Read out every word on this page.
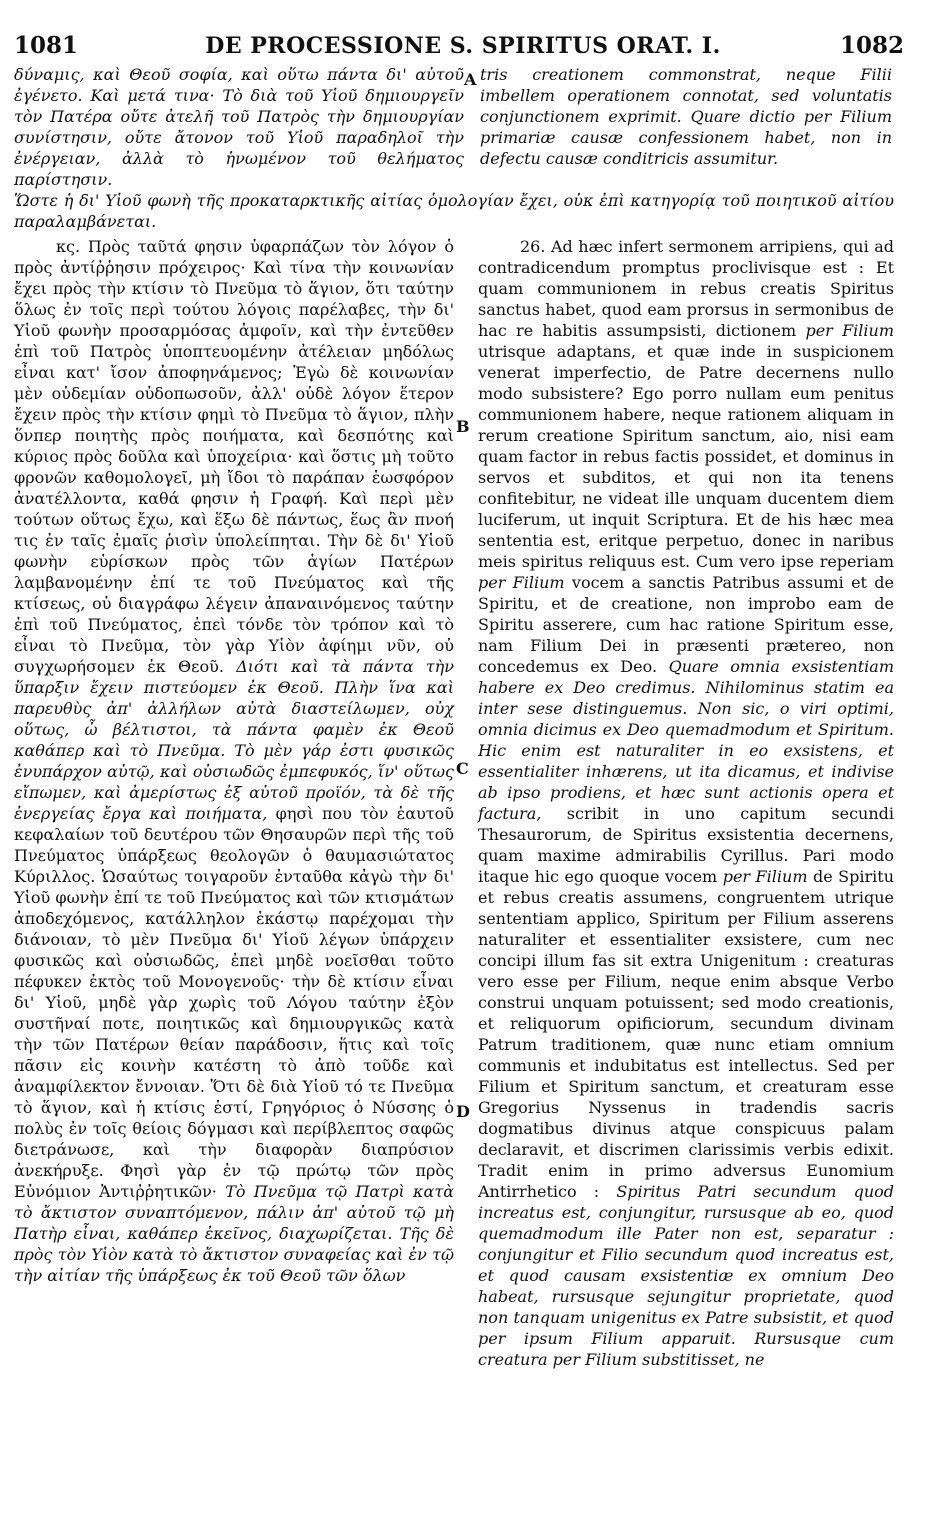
1081	DE PROCESSIONE S. SPIRITUS ORAT. I.	1082
δύναμις, καὶ Θεοῦ σοφία, καὶ οὕτω πάντα δι' αὐτοῦ ἐγένετο. Καὶ μετά τινα· Τὸ διὰ τοῦ Υἱοῦ δημιουργεῖν τὸν Πατέρα οὔτε ἀτελῆ τοῦ Πατρὸς τὴν δημιουργίαν συνίστησιν, οὔτε ἄτονον τοῦ Υἱοῦ παραδηλοῖ τὴν ἐνέργειαν, ἀλλὰ τὸ ἡνωμένον τοῦ θελήματος παρίστησιν.
tris creationem commonstrat, neque Filii imbellem operationem connotat, sed voluntatis conjunctionem exprimit. Quare dictio per Filium primariæ causæ confessionem habet, non in defectu causæ conditricis assumitur.
Ὥστε ἡ δι' Υἱοῦ φωνὴ τῆς προκαταρκτικῆς αἰτίας ὁμολογίαν ἔχει, οὐκ ἐπὶ κατηγορίᾳ τοῦ ποιητικοῦ αἰτίου παραλαμβάνεται.

κς. Πρὸς ταῦτά φησιν ὑφαρπάζων τὸν λόγον ὁ πρὸς ἀντίῤῥησιν πρόχειρος· Καὶ τίνα τὴν κοινωνίαν ἔχει πρὸς τὴν κτίσιν τὸ Πνεῦμα τὸ ἅγιον, ὅτι ταύτην ὅλως ἐν τοῖς περὶ τούτου λόγοις παρέλαβες, τὴν δι' Υἱοῦ φωνὴν προσαρμόσας ἀμφοῖν, καὶ τὴν ἐντεῦθεν ἐπὶ τοῦ Πατρὸς ὑποπτευομένην ἀτέλειαν μηδόλως εἶναι κατ' ἴσον ἀποφηνάμενος; Ἐγὼ δὲ κοινωνίαν μὲν οὐδεμίαν οὐδοπωσοῦν, ἀλλ' οὐδὲ λόγον ἕτερον ἔχειν πρὸς τὴν κτίσιν φημὶ τὸ Πνεῦμα τὸ ἅγιον, πλὴν ὅνπερ ποιητὴς πρὸς ποιήματα, καὶ δεσπότης καὶ κύριος πρὸς δοῦλα καὶ ὑποχείρια· καὶ ὅστις μὴ τοῦτο φρονῶν καθομολογεῖ, μὴ ἴδοι τὸ παράπαν ἑωσφόρον ἀνατέλλοντα, καθά φησιν ἡ Γραφή. Καὶ περὶ μὲν τούτων οὕτως ἔχω, καὶ ἕξω δὲ πάντως, ἕως ἂν πνοή τις ἐν ταῖς ἐμαῖς ῥισὶν ὑπολείπηται. Τὴν δὲ δι' Υἱοῦ φωνὴν εὑρίσκων πρὸς τῶν ἁγίων Πατέρων λαμβανομένην ἐπί τε τοῦ Πνεύματος καὶ τῆς κτίσεως, οὐ διαγράφω λέγειν ἀπαναινόμενος ταύτην ἐπὶ τοῦ Πνεύματος, ἐπεὶ τόνδε τὸν τρόπον καὶ τὸ εἶναι τὸ Πνεῦμα, τὸν γὰρ Υἱὸν ἀφίημι νῦν, οὐ συγχωρήσομεν ἐκ Θεοῦ. Διότι καὶ τὰ πάντα τὴν ὕπαρξιν ἔχειν πιστεύομεν ἐκ Θεοῦ. Πλὴν ἵνα καὶ παρευθὺς ἀπ' ἀλλήλων αὐτὰ διαστείλωμεν, οὐχ οὕτως, ὦ βέλτιστοι, τὰ πάντα φαμὲν ἐκ Θεοῦ καθάπερ καὶ τὸ Πνεῦμα. Τὸ μὲν γάρ ἐστι φυσικῶς ἐνυπάρχον αὐτῷ, καὶ οὐσιωδῶς ἐμπεφυκός, ἵν' οὕτως εἴπωμεν, καὶ ἀμερίστως ἐξ αὐτοῦ προϊόν, τὰ δὲ τῆς ἐνεργείας ἔργα καὶ ποιήματα, φησὶ που τὸν ἑαυτοῦ κεφαλαίων τοῦ δευτέρου τῶν Θησαυρῶν περὶ τῆς τοῦ Πνεύματος ὑπάρξεως θεολογῶν ὁ θαυμασιώτατος Κύριλλος. Ὡσαύτως τοιγαροῦν ἐνταῦθα κἀγὼ τὴν δι' Υἱοῦ φωνὴν ἐπί τε τοῦ Πνεύματος καὶ τῶν κτισμάτων ἀποδεχόμενος, κατάλληλον ἑκάστῳ παρέχομαι τὴν διάνοιαν, τὸ μὲν Πνεῦμα δι' Υἱοῦ λέγων ὑπάρχειν φυσικῶς καὶ οὐσιωδῶς, ἐπεὶ μηδὲ νοεῖσθαι τοῦτο πέφυκεν ἐκτὸς τοῦ Μονογενοῦς· τὴν δὲ κτίσιν εἶναι δι' Υἱοῦ, μηδὲ γὰρ χωρὶς τοῦ Λόγου ταύτην ἐξὸν συστῆναί ποτε, ποιητικῶς καὶ δημιουργικῶς κατὰ τὴν τῶν Πατέρων θείαν παράδοσιν, ἥτις καὶ τοῖς πᾶσιν εἰς κοινὴν κατέστη τὸ ἀπὸ τοῦδε καὶ ἀναμφίλεκτον ἔννοιαν. Ὅτι δὲ διὰ Υἱοῦ τό τε Πνεῦμα τὸ ἅγιον, καὶ ἡ κτίσις ἐστί, Γρηγόριος ὁ Νύσσης ὁ πολὺς ἐν τοῖς θείοις δόγμασι καὶ περίβλεπτος σαφῶς διετράνωσε, καὶ τὴν διαφορὰν διαπρύσιον ἀνεκήρυξε. Φησὶ γὰρ ἐν τῷ πρώτῳ τῶν πρὸς Εὐνόμιον Ἀντιῤῥητικῶν· Τὸ Πνεῦμα τῷ Πατρὶ κατὰ τὸ ἄκτιστον συναπτόμενον, πάλιν ἀπ' αὐτοῦ τῷ μὴ Πατὴρ εἶναι, καθάπερ ἐκεῖνος, διαχωρίζεται. Τῆς δὲ πρὸς τὸν Υἱὸν κατὰ τὸ ἄκτιστον συναφείας καὶ ἐν τῷ τὴν αἰτίαν τῆς ὑπάρξεως ἐκ τοῦ Θεοῦ τῶν ὅλων

26. Ad hæc infert sermonem arripiens, qui ad contradicendum promptus proclivisque est : Et quam communionem in rebus creatis Spiritus sanctus habet, quod eam prorsus in sermonibus de hac re habitis assumpsisti, dictionem per Filium utrisque adaptans, et quæ inde in suspicionem venerat imperfectio, de Patre decernens nullo modo subsistere? Ego porro nullam eum penitus communionem habere, neque rationem aliquam in rerum creatione Spiritum sanctum, aio, nisi eam quam factor in rebus factis possidet, et dominus in servos et subditos, et qui non ita tenens confitebitur, ne videat ille unquam ducentem diem luciferum, ut inquit Scriptura. Et de his hæc mea sententia est, eritque perpetuo, donec in naribus meis spiritus reliquus est. Cum vero ipse reperiam per Filium vocem a sanctis Patribus assumi et de Spiritu, et de creatione, non improbo eam de Spiritu asserere, cum hac ratione Spiritum esse, nam Filium Dei in præsenti prætereo, non concedemus ex Deo. Quare omnia exsistentiam habere ex Deo credimus. Nihilominus statim ea inter sese distinguemus. Non sic, o viri optimi, omnia dicimus ex Deo quemadmodum et Spiritum. Hic enim est naturaliter in eo exsistens, et essentialiter inhærens, ut ita dicamus, et indivise ab ipso prodiens, et hæc sunt actionis opera et factura, scribit in uno capitum secundi Thesaurorum, de Spiritus exsistentia decernens, quam maxime admirabilis Cyrillus. Pari modo itaque hic ego quoque vocem per Filium de Spiritu et rebus creatis assumens, congruentem utrique sententiam applico, Spiritum per Filium asserens naturaliter et essentialiter exsistere, cum nec concipi illum fas sit extra Unigenitum : creaturas vero esse per Filium, neque enim absque Verbo construi unquam potuissent; sed modo creationis, et reliquorum opificiorum, secundum divinam Patrum traditionem, quæ nunc etiam omnium communis et indubitatus est intellectus. Sed per Filium et Spiritum sanctum, et creaturam esse Gregorius Nyssenus in tradendis sacris dogmatibus divinus atque conspicuus palam declaravit, et discrimen clarissimis verbis edixit. Tradit enim in primo adversus Eunomium Antirrhetico : Spiritus Patri secundum quod increatus est, conjungitur, rursusque ab eo, quod quemadmodum ille Pater non est, separatur : conjungitur et Filio secundum quod increatus est, et quod causam exsistentiæ ex omnium Deo habeat, rursusque sejungitur proprietate, quod non tanquam unigenitus ex Patre subsistit, et quod per ipsum Filium apparuit. Rursusque cum creatura per Filium substitisset, ne

A
B
C
D
